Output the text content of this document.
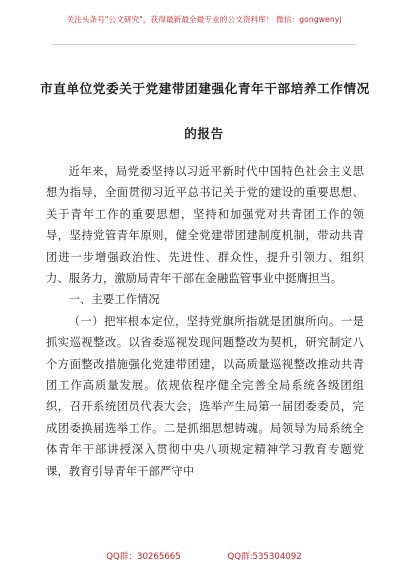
关注头条号"公文研究"，获得最新最全最专业的公文资料库！ 微信：gongwenyj
市直单位党委关于党建带团建强化青年干部培养工作情况
的报告
近年来，局党委坚持以习近平新时代中国特色社会主义思想为指导，全面贯彻习近平总书记关于党的建设的重要思想、关于青年工作的重要思想，坚持和加强党对共青团工作的领导，坚持党管青年原则，健全党建带团建制度机制，带动共青团进一步增强政治性、先进性、群众性，提升引领力、组织力、服务力，激励局青年干部在金融监管事业中挺膺担当。
一、主要工作情况
（一）把牢根本定位，坚持党旗所指就是团旗所向。一是抓实巡视整改。以省委巡视发现问题整改为契机，研究制定八个方面整改措施强化党建带团建，以高质量巡视整改推动共青团工作高质量发展。依规依程序健全完善全局系统各级团组织，召开系统团员代表大会，选举产生局第一届团委委员，完成团委换届选举工作。二是抓细思想铸魂。局领导为局系统全体青年干部讲授深入贯彻中央八项规定精神学习教育专题党课，教育引导青年干部严守中
QQ群：30265665	QQ群:535304092
